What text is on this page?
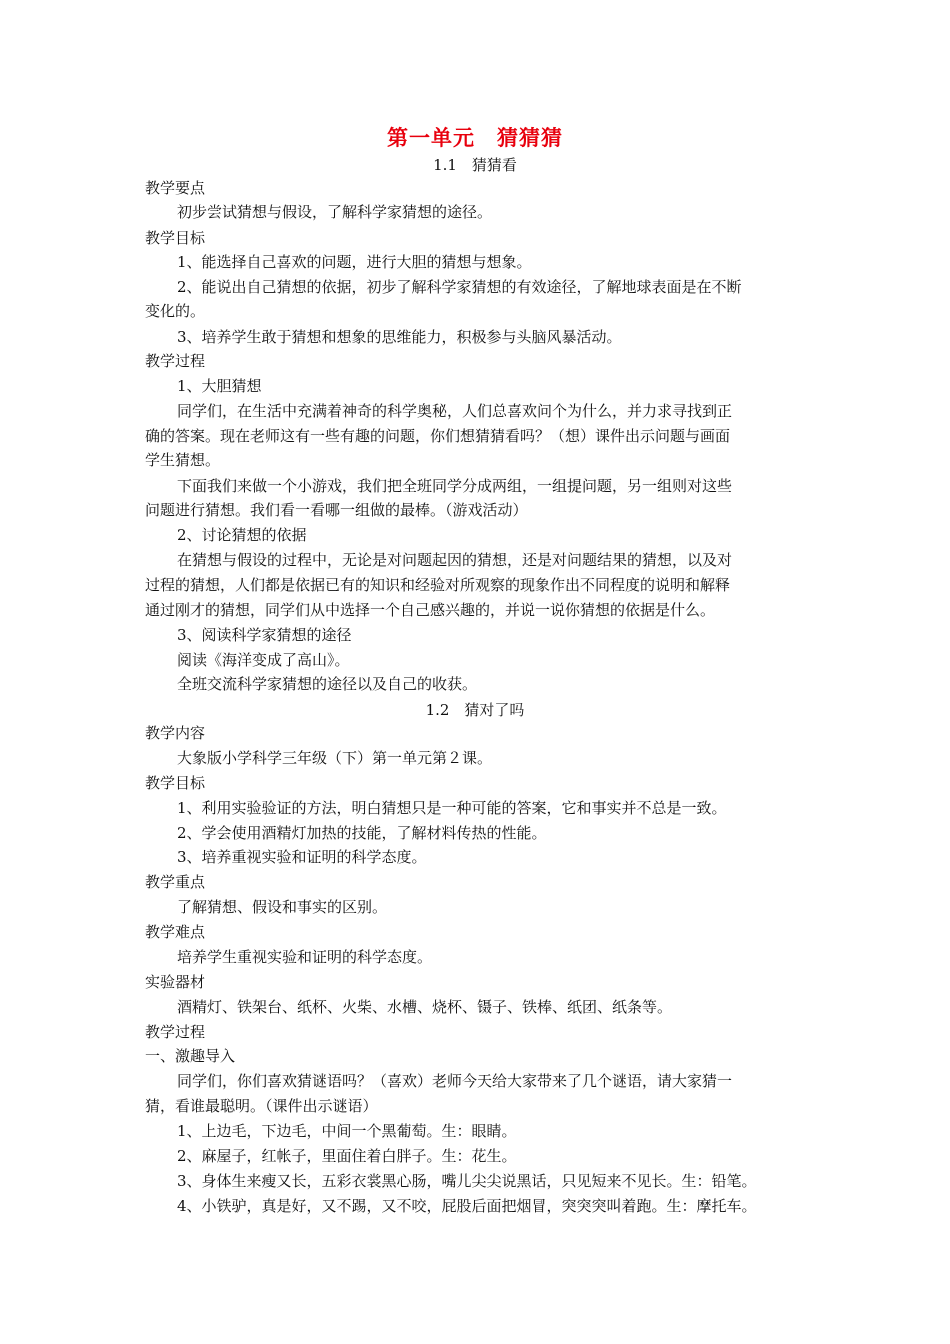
第一单元　猜猜猜
1.1　猜猜看
教学要点
初步尝试猜想与假设，了解科学家猜想的途径。
教学目标
1、能选择自己喜欢的问题，进行大胆的猜想与想象。
2、能说出自己猜想的依据，初步了解科学家猜想的有效途径，了解地球表面是在不断
变化的。
3、培养学生敢于猜想和想象的思维能力，积极参与头脑风暴活动。
教学过程
1、大胆猜想
同学们，在生活中充满着神奇的科学奥秘，人们总喜欢问个为什么，并力求寻找到正
确的答案。现在老师这有一些有趣的问题，你们想猜猜看吗？（想）课件出示问题与画面
学生猜想。
下面我们来做一个小游戏，我们把全班同学分成两组，一组提问题，另一组则对这些
问题进行猜想。我们看一看哪一组做的最棒。（游戏活动）
2、讨论猜想的依据
在猜想与假设的过程中，无论是对问题起因的猜想，还是对问题结果的猜想，以及对
过程的猜想，人们都是依据已有的知识和经验对所观察的现象作出不同程度的说明和解释
通过刚才的猜想，同学们从中选择一个自己感兴趣的，并说一说你猜想的依据是什么。
3、阅读科学家猜想的途径
阅读《海洋变成了高山》。
全班交流科学家猜想的途径以及自己的收获。
1.2　猜对了吗
教学内容
大象版小学科学三年级（下）第一单元第２课。
教学目标
1、利用实验验证的方法，明白猜想只是一种可能的答案，它和事实并不总是一致。
2、学会使用酒精灯加热的技能，了解材料传热的性能。
3、培养重视实验和证明的科学态度。
教学重点
了解猜想、假设和事实的区别。
教学难点
培养学生重视实验和证明的科学态度。
实验器材
酒精灯、铁架台、纸杯、火柴、水槽、烧杯、镊子、铁棒、纸团、纸条等。
教学过程
一、激趣导入
同学们，你们喜欢猜谜语吗？（喜欢）老师今天给大家带来了几个谜语，请大家猜一
猜，看谁最聪明。（课件出示谜语）
1、上边毛，下边毛，中间一个黑葡萄。生：眼睛。
2、麻屋子，红帐子，里面住着白胖子。生：花生。
3、身体生来瘦又长，五彩衣裳黑心肠，嘴儿尖尖说黑话，只见短来不见长。生：铅笔。
4、小铁驴，真是好，又不踢，又不咬，屁股后面把烟冒，突突突叫着跑。生：摩托车。
